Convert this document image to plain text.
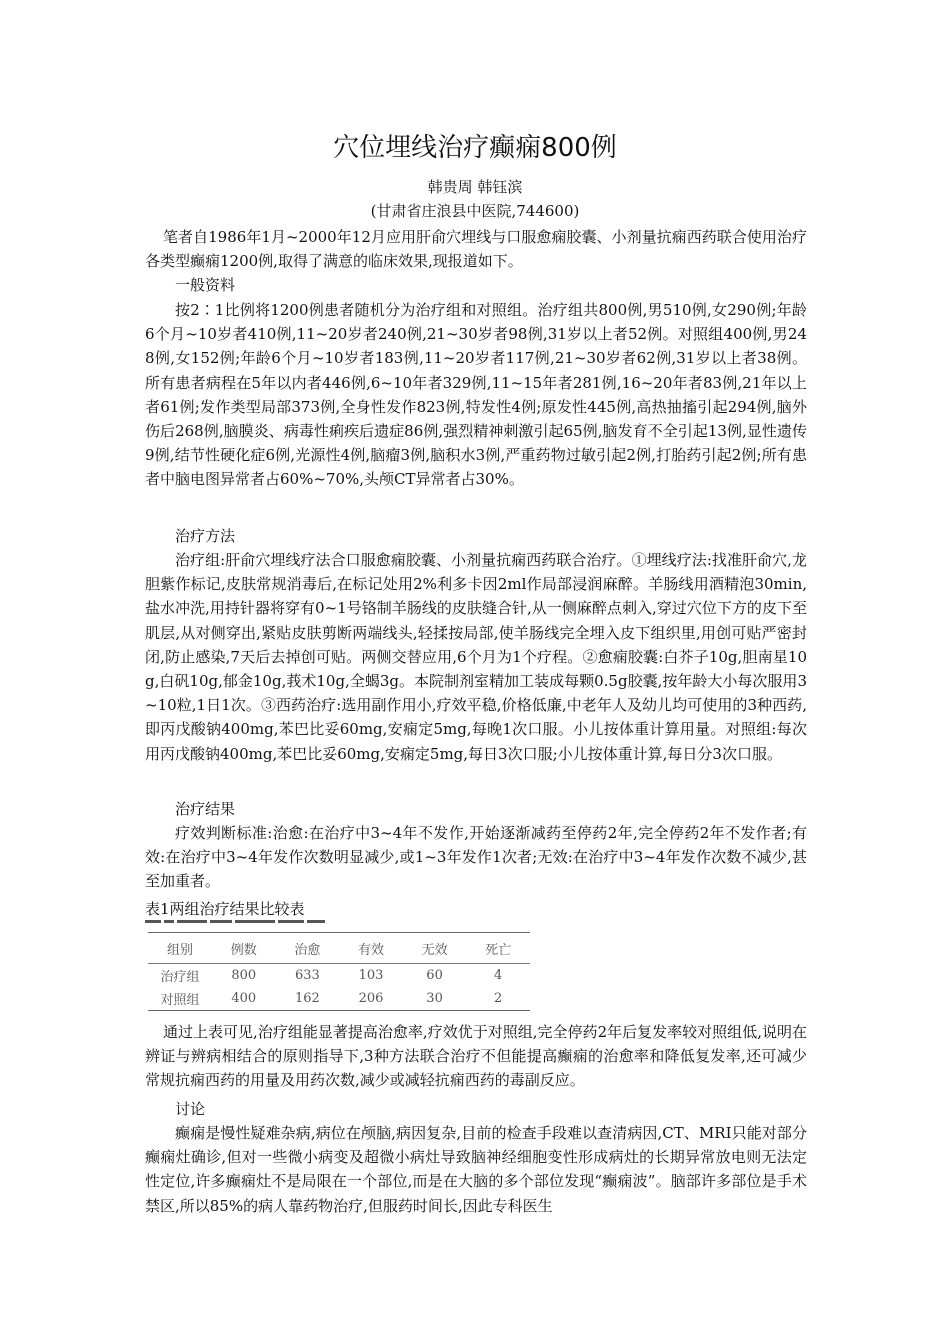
穴位埋线治疗癫痫800例
韩贵周 韩钰滨
(甘肃省庄浪县中医院,744600)

笔者自1986年1月~2000年12月应用肝俞穴埋线与口服愈痫胶囊、小剂量抗痫西药联合使用治疗各类型癫痫1200例,取得了满意的临床效果,现报道如下。

一般资料

按2∶1比例将1200例患者随机分为治疗组和对照组。治疗组共800例,男510例,女290例;年龄6个月~10岁者410例,11~20岁者240例,21~30岁者98例,31岁以上者52例。对照组400例,男248例,女152例;年龄6个月~10岁者183例,11~20岁者117例,21~30岁者62例,31岁以上者38例。所有患者病程在5年以内者446例,6~10年者329例,11~15年者281例,16~20年者83例,21年以上者61例;发作类型局部373例,全身性发作823例,特发性4例;原发性445例,高热抽搐引起294例,脑外伤后268例,脑膜炎、病毒性痢疾后遗症86例,强烈精神刺激引起65例,脑发育不全引起13例,显性遗传9例,结节性硬化症6例,光源性4例,脑瘤3例,脑积水3例,严重药物过敏引起2例,打胎药引起2例;所有患者中脑电图异常者占60%~70%,头颅CT异常者占30%。

治疗方法

治疗组:肝俞穴埋线疗法合口服愈痫胶囊、小剂量抗痫西药联合治疗。①埋线疗法:找准肝俞穴,龙胆紫作标记,皮肤常规消毒后,在标记处用2%利多卡因2ml作局部浸润麻醉。羊肠线用酒精泡30min,盐水冲洗,用持针器将穿有0~1号铬制羊肠线的皮肤缝合针,从一侧麻醉点刺入,穿过穴位下方的皮下至肌层,从对侧穿出,紧贴皮肤剪断两端线头,轻揉按局部,使羊肠线完全埋入皮下组织里,用创可贴严密封闭,防止感染,7天后去掉创可贴。两侧交替应用,6个月为1个疗程。②愈痫胶囊:白芥子10g,胆南星10g,白矾10g,郁金10g,莪术10g,全蝎3g。本院制剂室精加工装成每颗0.5g胶囊,按年龄大小每次服用3~10粒,1日1次。③西药治疗:选用副作用小,疗效平稳,价格低廉,中老年人及幼儿均可使用的3种西药,即丙戊酸钠400mg,苯巴比妥60mg,安痫定5mg,每晚1次口服。小儿按体重计算用量。对照组:每次用丙戊酸钠400mg,苯巴比妥60mg,安痫定5mg,每日3次口服;小儿按体重计算,每日分3次口服。

治疗结果

疗效判断标准:治愈:在治疗中3~4年不发作,开始逐渐减药至停药2年,完全停药2年不发作者;有效:在治疗中3~4年发作次数明显减少,或1~3年发作1次者;无效:在治疗中3~4年发作次数不减少,甚至加重者。

表1两组治疗结果比较表
组别	例数	治愈	有效	无效	死亡
治疗组	800	633	103	60	4
对照组	400	162	206	30	2

通过上表可见,治疗组能显著提高治愈率,疗效优于对照组,完全停药2年后复发率较对照组低,说明在辨证与辨病相结合的原则指导下,3种方法联合治疗不但能提高癫痫的治愈率和降低复发率,还可减少常规抗痫西药的用量及用药次数,减少或减轻抗痫西药的毒副反应。

讨论

癫痫是慢性疑难杂病,病位在颅脑,病因复杂,目前的检查手段难以查清病因,CT、MRI只能对部分癫痫灶确诊,但对一些微小病变及超微小病灶导致脑神经细胞变性形成病灶的长期异常放电则无法定性定位,许多癫痫灶不是局限在一个部位,而是在大脑的多个部位发现“癫痫波”。脑部许多部位是手术禁区,所以85%的病人靠药物治疗,但服药时间长,因此专科医生
